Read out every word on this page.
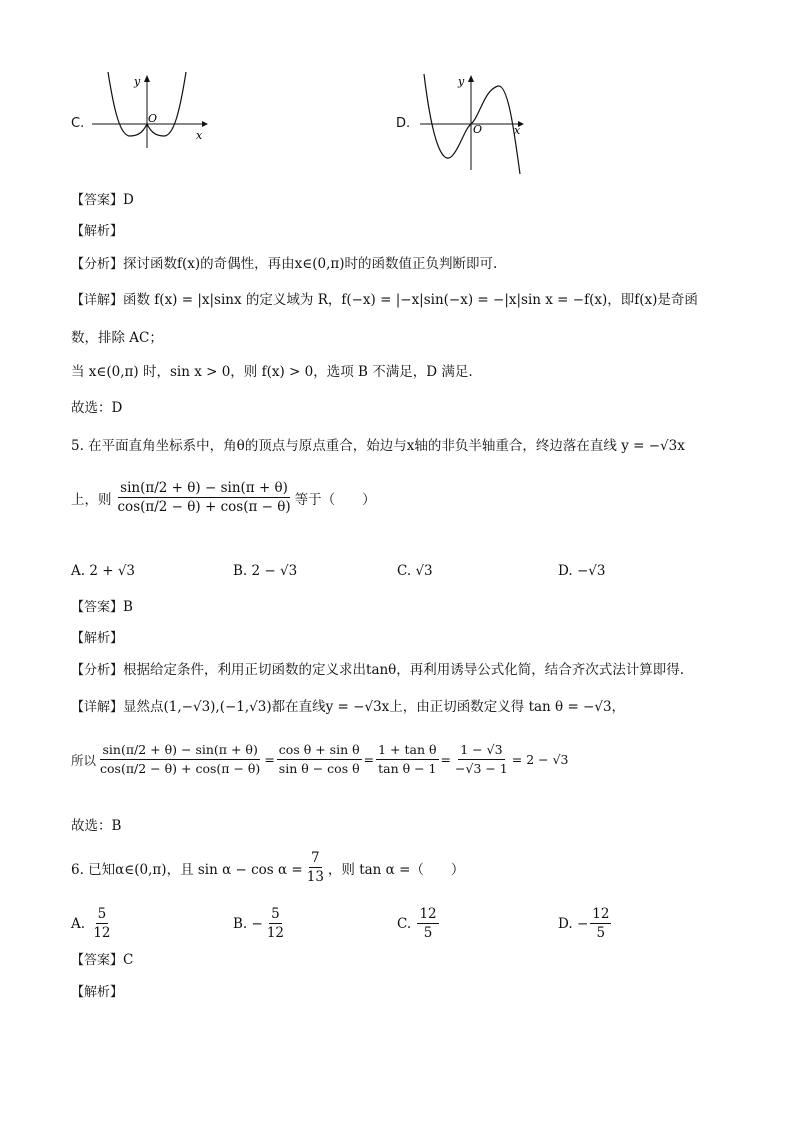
C.
y
O
x
D.
y
O	x
【答案】D
【解析】
【分析】探讨函数f(x)的奇偶性，再由x∈(0,π)时的函数值正负判断即可.
【详解】函数 f(x) = |x|sinx 的定义域为 R，f(−x) = |−x|sin(−x) = −|x|sin x = −f(x)，即f(x)是奇函
数，排除 AC；
当 x∈(0,π) 时，sin x > 0，则 f(x) > 0，选项 B 不满足，D 满足.
故选：D
5. 在平面直角坐标系中，角θ的顶点与原点重合，始边与x轴的非负半轴重合，终边落在直线 y = −√3x
上，则 $\frac{\sin(\pi/2 + \theta) - \sin(\pi + \theta)}{\cos(\pi/2 - \theta) + \cos(\pi - \theta)}$ 等于（　　）
A. 2 + √3	B. 2 − √3	C. √3	D. −√3
【答案】B
【解析】
【分析】根据给定条件，利用正切函数的定义求出tanθ，再利用诱导公式化简，结合齐次式法计算即得.
【详解】显然点(1,−√3),(−1,√3)都在直线y = −√3x上，由正切函数定义得 tan θ = −√3，
所以 $\frac{\sin(\pi/2 + \theta) - \sin(\pi + \theta)}{\cos(\pi/2 - \theta) + \cos(\pi - \theta)} = \frac{\text{cos θ + sin θ}}{\text{sin θ − cos θ}} = \frac{\text{1 + tan θ}}{\text{tan θ − 1}} = \frac{1 - √3}{-√3 - 1} = 2 - √3$
故选：B
6. 已知α∈(0,π)，且 $\sin \alpha - \cos \alpha = \frac{7}{13}$ ，则 tan α =（　　）
A.
$\frac{5}{12}$	B.
− $\frac{5}{12}$	C.
$\frac{12}{5}$	D.
− $\frac{12}{5}$
【答案】C
【解析】
